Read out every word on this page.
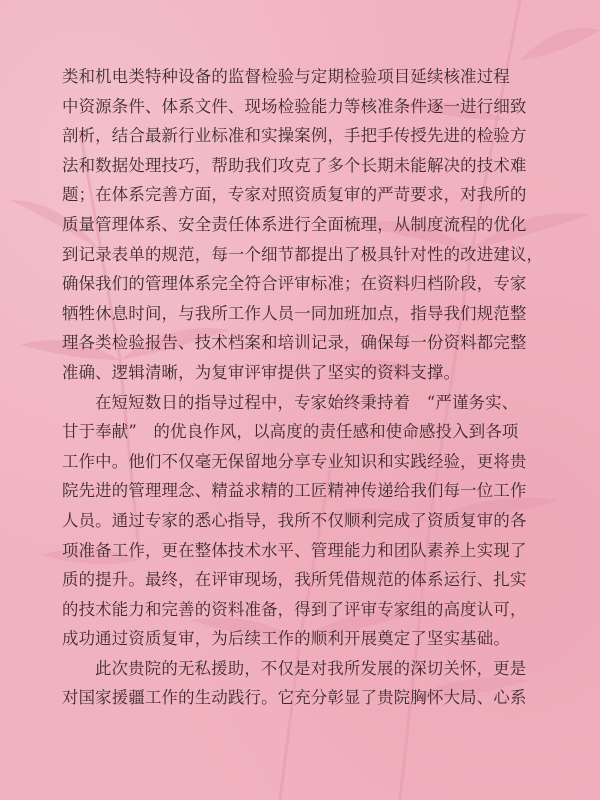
类和机电类特种设备的监督检验与定期检验项目延续核准过程
中资源条件、体系文件、现场检验能力等核准条件逐一进行细致
剖析，结合最新行业标准和实操案例，手把手传授先进的检验方
法和数据处理技巧，帮助我们攻克了多个长期未能解决的技术难
题；在体系完善方面，专家对照资质复审的严苛要求，对我所的
质量管理体系、安全责任体系进行全面梳理，从制度流程的优化
到记录表单的规范，每一个细节都提出了极具针对性的改进建议，
确保我们的管理体系完全符合评审标准；在资料归档阶段，专家
牺牲休息时间，与我所工作人员一同加班加点，指导我们规范整
理各类检验报告、技术档案和培训记录，确保每一份资料都完整
准确、逻辑清晰，为复审评审提供了坚实的资料支撑。
在短短数日的指导过程中，专家始终秉持着　“严谨务实、
甘于奉献”　的优良作风，以高度的责任感和使命感投入到各项
工作中。他们不仅毫无保留地分享专业知识和实践经验，更将贵
院先进的管理理念、精益求精的工匠精神传递给我们每一位工作
人员。通过专家的悉心指导，我所不仅顺利完成了资质复审的各
项准备工作，更在整体技术水平、管理能力和团队素养上实现了
质的提升。最终，在评审现场，我所凭借规范的体系运行、扎实
的技术能力和完善的资料准备，得到了评审专家组的高度认可，
成功通过资质复审，为后续工作的顺利开展奠定了坚实基础。
此次贵院的无私援助，不仅是对我所发展的深切关怀，更是
对国家援疆工作的生动践行。它充分彰显了贵院胸怀大局、心系
